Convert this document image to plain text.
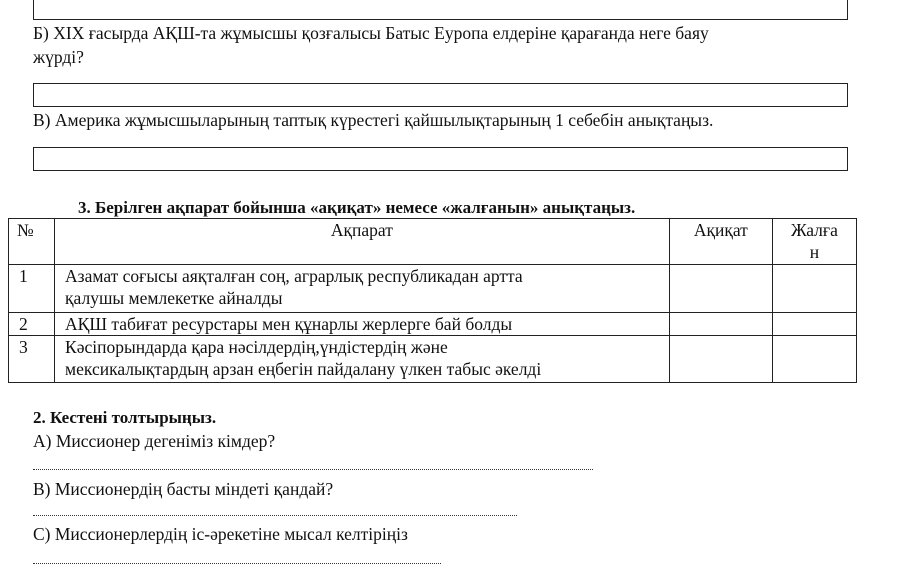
Б) XIX ғасырда АҚШ-та жұмысшы қозғалысы Батыс Еуропа елдеріне қарағанда неге баяу
жүрді?
В) Америка жұмысшыларының таптық күрестегі қайшылықтарының 1 себебін анықтаңыз.
3. Берілген ақпарат бойынша «ақиқат» немесе «жалғанын» анықтаңыз.
№	Ақпарат	Ақиқат	Жалға
н

1	Азамат соғысы аяқталған соң, аграрлық республикадан артта
қалушы мемлекетке айналды		

2	АҚШ табиғат ресурстары мен құнарлы жерлерге бай болды		

3	Кәсіпорындарда қара нәсілдердің,үндістердің және
мексикалықтардың арзан еңбегін пайдалану үлкен табыс әкелді		

2. Кестені толтырыңыз.
А) Миссионер дегеніміз кімдер?
В) Миссионердің басты міндеті қандай?
С) Миссионерлердің іс-әрекетіне мысал келтіріңіз
